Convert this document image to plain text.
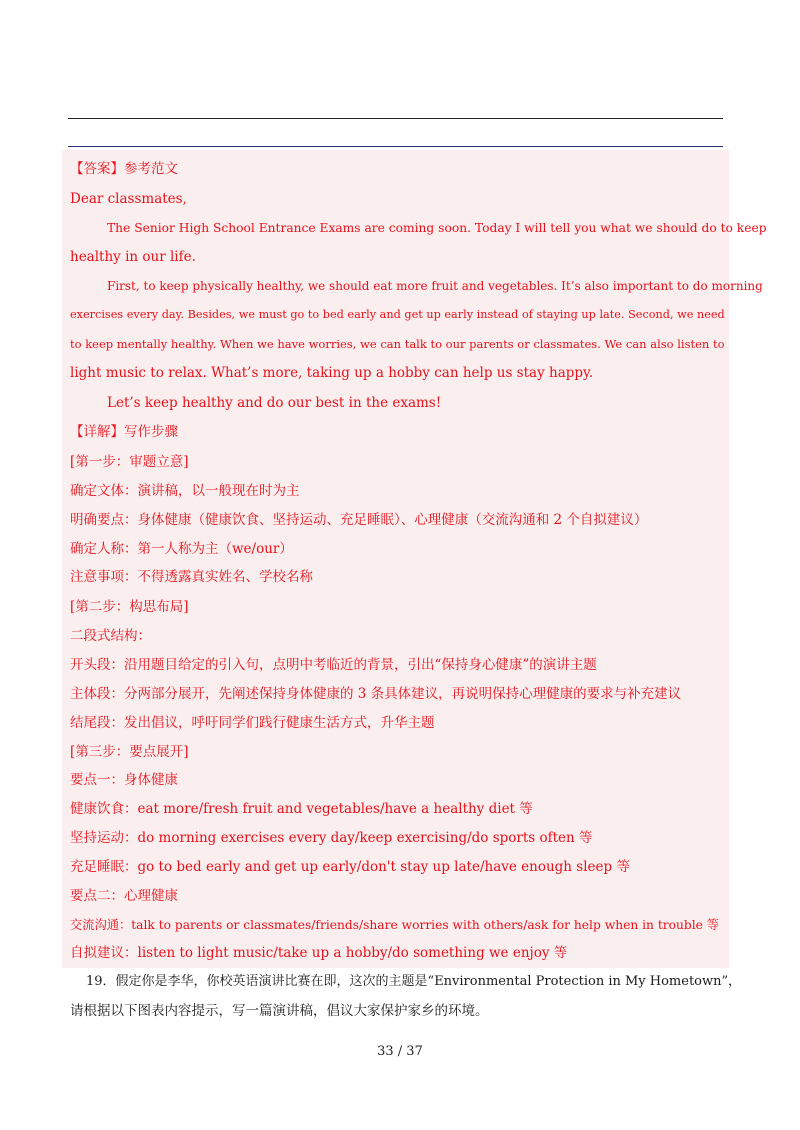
【答案】参考范文
Dear classmates,
The Senior High School Entrance Exams are coming soon. Today I will tell you what we should do to keep
healthy in our life.
First, to keep physically healthy, we should eat more fruit and vegetables. It’s also important to do morning
exercises every day. Besides, we must go to bed early and get up early instead of staying up late. Second, we need
to keep mentally healthy. When we have worries, we can talk to our parents or classmates. We can also listen to
light music to relax. What’s more, taking up a hobby can help us stay happy.
Let’s keep healthy and do our best in the exams!
【详解】写作步骤
[第一步：审题立意]
确定文体：演讲稿，以一般现在时为主
明确要点：身体健康（健康饮食、坚持运动、充足睡眠）、心理健康（交流沟通和 2 个自拟建议）
确定人称：第一人称为主（we/our）
注意事项：不得透露真实姓名、学校名称
[第二步：构思布局]
二段式结构：
开头段：沿用题目给定的引入句，点明中考临近的背景，引出“保持身心健康”的演讲主题
主体段：分两部分展开，先阐述保持身体健康的 3 条具体建议，再说明保持心理健康的要求与补充建议
结尾段：发出倡议，呼吁同学们践行健康生活方式，升华主题
[第三步：要点展开]
要点一：身体健康
健康饮食：eat more/fresh fruit and vegetables/have a healthy diet 等
坚持运动：do morning exercises every day/keep exercising/do sports often 等
充足睡眠：go to bed early and get up early/don't stay up late/have enough sleep 等
要点二：心理健康
交流沟通：talk to parents or classmates/friends/share worries with others/ask for help when in trouble 等
自拟建议：listen to light music/take up a hobby/do something we enjoy 等
19．假定你是李华，你校英语演讲比赛在即，这次的主题是“Environmental Protection in My Hometown”，
请根据以下图表内容提示，写一篇演讲稿，倡议大家保护家乡的环境。
33 / 37
